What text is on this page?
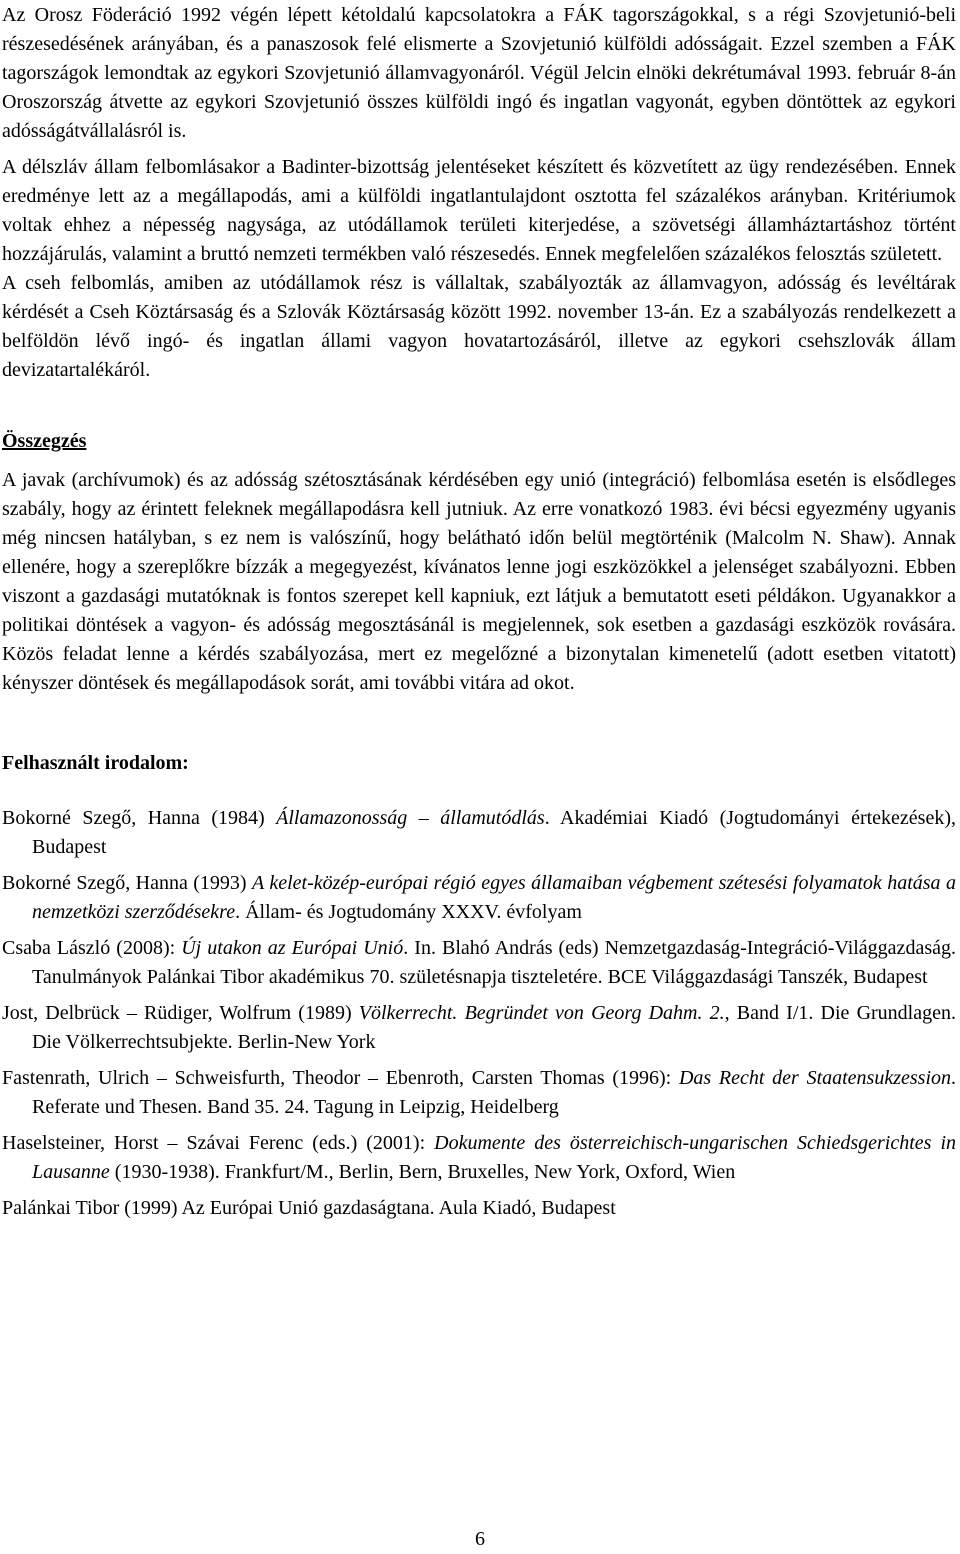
Az Orosz Föderáció 1992 végén lépett kétoldalú kapcsolatokra a FÁK tagországokkal, s a régi Szovjetunió-beli részesedésének arányában, és a panaszosok felé elismerte a Szovjetunió külföldi adósságait. Ezzel szemben a FÁK tagországok lemondtak az egykori Szovjetunió államvagyonáról. Végül Jelcin elnöki dekrétumával 1993. február 8-án Oroszország átvette az egykori Szovjetunió összes külföldi ingó és ingatlan vagyonát, egyben döntöttek az egykori adósságátvállalásról is.

A délszláv állam felbomlásakor a Badinter-bizottság jelentéseket készített és közvetített az ügy rendezésében. Ennek eredménye lett az a megállapodás, ami a külföldi ingatlantulajdont osztotta fel százalékos arányban. Kritériumok voltak ehhez a népesség nagysága, az utódállamok területi kiterjedése, a szövetségi államháztartáshoz történt hozzájárulás, valamint a bruttó nemzeti termékben való részesedés. Ennek megfelelően százalékos felosztás született.

A cseh felbomlás, amiben az utódállamok rész is vállaltak, szabályozták az államvagyon, adósság és levéltárak kérdését a Cseh Köztársaság és a Szlovák Köztársaság között 1992. november 13-án. Ez a szabályozás rendelkezett a belföldön lévő ingó- és ingatlan állami vagyon hovatartozásáról, illetve az egykori csehszlovák állam devizatartalékáról.

Összegzés

A javak (archívumok) és az adósság szétosztásának kérdésében egy unió (integráció) felbomlása esetén is elsődleges szabály, hogy az érintett feleknek megállapodásra kell jutniuk. Az erre vonatkozó 1983. évi bécsi egyezmény ugyanis még nincsen hatályban, s ez nem is valószínű, hogy belátható időn belül megtörténik (Malcolm N. Shaw). Annak ellenére, hogy a szereplőkre bízzák a megegyezést, kívánatos lenne jogi eszközökkel a jelenséget szabályozni. Ebben viszont a gazdasági mutatóknak is fontos szerepet kell kapniuk, ezt látjuk a bemutatott eseti példákon. Ugyanakkor a politikai döntések a vagyon- és adósság megosztásánál is megjelennek, sok esetben a gazdasági eszközök rovására. Közös feladat lenne a kérdés szabályozása, mert ez megelőzné a bizonytalan kimenetelű (adott esetben vitatott) kényszer döntések és megállapodások sorát, ami további vitára ad okot.

Felhasznált irodalom:

Bokorné Szegő, Hanna (1984) Államazonosság – államutódlás. Akadémiai Kiadó (Jogtudományi értekezések), Budapest

Bokorné Szegő, Hanna (1993) A kelet-közép-európai régió egyes államaiban végbement szétesési folyamatok hatása a nemzetközi szerződésekre. Állam- és Jogtudomány XXXV. évfolyam

Csaba László (2008): Új utakon az Európai Unió. In. Blahó András (eds) Nemzetgazdaság-Integráció-Világgazdaság. Tanulmányok Palánkai Tibor akadémikus 70. születésnapja tiszteletére. BCE Világgazdasági Tanszék, Budapest

Jost, Delbrück – Rüdiger, Wolfrum (1989) Völkerrecht. Begründet von Georg Dahm. 2., Band I/1. Die Grundlagen. Die Völkerrechtsubjekte. Berlin-New York

Fastenrath, Ulrich – Schweisfurth, Theodor – Ebenroth, Carsten Thomas (1996): Das Recht der Staatensukzession. Referate und Thesen. Band 35. 24. Tagung in Leipzig, Heidelberg

Haselsteiner, Horst – Szávai Ferenc (eds.) (2001): Dokumente des österreichisch-ungarischen Schiedsgerichtes in Lausanne (1930-1938). Frankfurt/M., Berlin, Bern, Bruxelles, New York, Oxford, Wien

Palánkai Tibor (1999) Az Európai Unió gazdaságtana. Aula Kiadó, Budapest

6
